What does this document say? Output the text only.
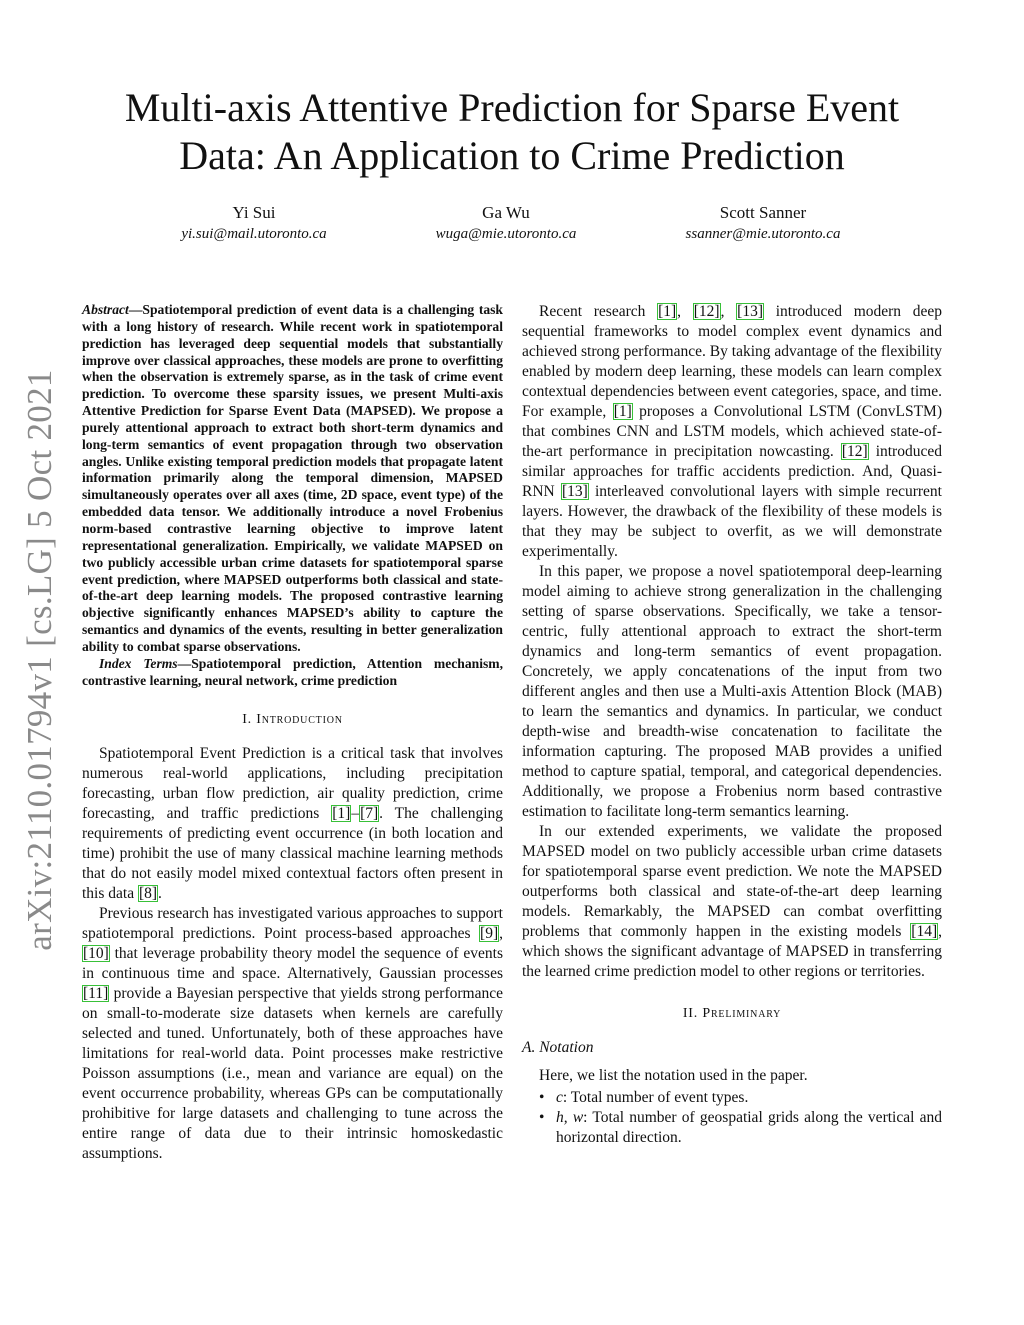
arXiv:2110.01794v1 [cs.LG] 5 Oct 2021
Multi-axis Attentive Prediction for Sparse Event
Data: An Application to Crime Prediction
Yi Sui
yi.sui@mail.utoronto.ca
Ga Wu
wuga@mie.utoronto.ca
Scott Sanner
ssanner@mie.utoronto.ca

Abstract—Spatiotemporal prediction of event data is a challenging task with a long history of research. While recent work in spatiotemporal prediction has leveraged deep sequential models that substantially improve over classical approaches, these models are prone to overfitting when the observation is extremely sparse, as in the task of crime event prediction. To overcome these sparsity issues, we present Multi-axis Attentive Prediction for Sparse Event Data (MAPSED). We propose a purely attentional approach to extract both short-term dynamics and long-term semantics of event propagation through two observation angles. Unlike existing temporal prediction models that propagate latent information primarily along the temporal dimension, MAPSED simultaneously operates over all axes (time, 2D space, event type) of the embedded data tensor. We additionally introduce a novel Frobenius norm-based contrastive learning objective to improve latent representational generalization. Empirically, we validate MAPSED on two publicly accessible urban crime datasets for spatiotemporal sparse event prediction, where MAPSED outperforms both classical and state-of-the-art deep learning models. The proposed contrastive learning objective significantly enhances MAPSED’s ability to capture the semantics and dynamics of the events, resulting in better generalization ability to combat sparse observations.

Index Terms—Spatiotemporal prediction, Attention mechanism, contrastive learning, neural network, crime prediction

I. Introduction

Spatiotemporal Event Prediction is a critical task that involves numerous real-world applications, including precipitation forecasting, urban flow prediction, air quality prediction, crime forecasting, and traffic predictions [1]–[7]. The challenging requirements of predicting event occurrence (in both location and time) prohibit the use of many classical machine learning methods that do not easily model mixed contextual factors often present in this data [8].

Previous research has investigated various approaches to support spatiotemporal predictions. Point process-based approaches [9], [10] that leverage probability theory model the sequence of events in continuous time and space. Alternatively, Gaussian processes [11] provide a Bayesian perspective that yields strong performance on small-to-moderate size datasets when kernels are carefully selected and tuned. Unfortunately, both of these approaches have limitations for real-world data. Point processes make restrictive Poisson assumptions (i.e., mean and variance are equal) on the event occurrence probability, whereas GPs can be computationally prohibitive for large datasets and challenging to tune across the entire range of data due to their intrinsic homoskedastic assumptions.

Recent research [1], [12], [13] introduced modern deep sequential frameworks to model complex event dynamics and achieved strong performance. By taking advantage of the flexibility enabled by modern deep learning, these models can learn complex contextual dependencies between event categories, space, and time. For example, [1] proposes a Convolutional LSTM (ConvLSTM) that combines CNN and LSTM models, which achieved state-of-the-art performance in precipitation nowcasting. [12] introduced similar approaches for traffic accidents prediction. And, Quasi-RNN [13] interleaved convolutional layers with simple recurrent layers. However, the drawback of the flexibility of these models is that they may be subject to overfit, as we will demonstrate experimentally.

In this paper, we propose a novel spatiotemporal deep-learning model aiming to achieve strong generalization in the challenging setting of sparse observations. Specifically, we take a tensor-centric, fully attentional approach to extract the short-term dynamics and long-term semantics of event propagation. Concretely, we apply concatenations of the input from two different angles and then use a Multi-axis Attention Block (MAB) to learn the semantics and dynamics. In particular, we conduct depth-wise and breadth-wise concatenation to facilitate the information capturing. The proposed MAB provides a unified method to capture spatial, temporal, and categorical dependencies. Additionally, we propose a Frobenius norm based contrastive estimation to facilitate long-term semantics learning.

In our extended experiments, we validate the proposed MAPSED model on two publicly accessible urban crime datasets for spatiotemporal sparse event prediction. We note the MAPSED outperforms both classical and state-of-the-art deep learning models. Remarkably, the MAPSED can combat overfitting problems that commonly happen in the existing models [14], which shows the significant advantage of MAPSED in transferring the learned crime prediction model to other regions or territories.

II. Preliminary
A. Notation

Here, we list the notation used in the paper.

• c: Total number of event types.
• h, w: Total number of geospatial grids along the vertical and horizontal direction.
